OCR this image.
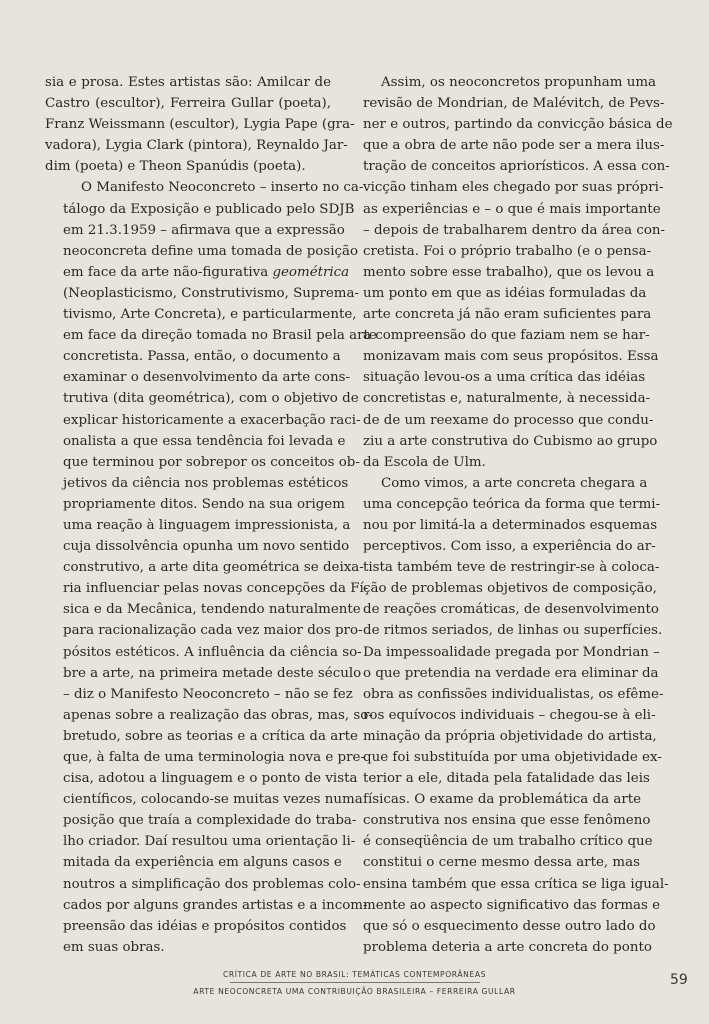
sia e prosa. Estes artistas são: Amilcar de
Castro (escultor), Ferreira Gullar (poeta),
Franz Weissmann (escultor), Lygia Pape (gra-
vadora), Lygia Clark (pintora), Reynaldo Jar-
dim (poeta) e Theon Spanúdis (poeta).

O Manifesto Neoconcreto – inserto no ca-
tálogo da Exposição e publicado pelo SDJB
em 21.3.1959 – afirmava que a expressão
neoconcreta define uma tomada de posição
em face da arte não-figurativa geométrica
(Neoplasticismo, Construtivismo, Suprema-
tivismo, Arte Concreta), e particularmente,
em face da direção tomada no Brasil pela arte
concretista. Passa, então, o documento a
examinar o desenvolvimento da arte cons-
trutiva (dita geométrica), com o objetivo de
explicar historicamente a exacerbação raci-
onalista a que essa tendência foi levada e
que terminou por sobrepor os conceitos ob-
jetivos da ciência nos problemas estéticos
propriamente ditos. Sendo na sua origem
uma reação à linguagem impressionista, a
cuja dissolvência opunha um novo sentido
construtivo, a arte dita geométrica se deixa-
ria influenciar pelas novas concepções da Fí-
sica e da Mecânica, tendendo naturalmente
para racionalização cada vez maior dos pro-
pósitos estéticos. A influência da ciência so-
bre a arte, na primeira metade deste século
– diz o Manifesto Neoconcreto – não se fez
apenas sobre a realização das obras, mas, so-
bretudo, sobre as teorias e a crítica da arte
que, à falta de uma terminologia nova e pre-
cisa, adotou a linguagem e o ponto de vista
científicos, colocando-se muitas vezes numa
posição que traía a complexidade do traba-
lho criador. Daí resultou uma orientação li-
mitada da experiência em alguns casos e
noutros a simplificação dos problemas colo-
cados por alguns grandes artistas e a incom-
preensão das idéias e propósitos contidos
em suas obras.

Assim, os neoconcretos propunham uma
revisão de Mondrian, de Malévitch, de Pevs-
ner e outros, partindo da convicção básica de
que a obra de arte não pode ser a mera ilus-
tração de conceitos apriorísticos. A essa con-
vicção tinham eles chegado por suas própri-
as experiências e – o que é mais importante
– depois de trabalharem dentro da área con-
cretista. Foi o próprio trabalho (e o pensa-
mento sobre esse trabalho), que os levou a
um ponto em que as idéias formuladas da
arte concreta já não eram suficientes para
a compreensão do que faziam nem se har-
monizavam mais com seus propósitos. Essa
situação levou-os a uma crítica das idéias
concretistas e, naturalmente, à necessida-
de de um reexame do processo que condu-
ziu a arte construtiva do Cubismo ao grupo
da Escola de Ulm.

Como vimos, a arte concreta chegara a
uma concepção teórica da forma que termi-
nou por limitá-la a determinados esquemas
perceptivos. Com isso, a experiência do ar-
tista também teve de restringir-se à coloca-
ção de problemas objetivos de composição,
de reações cromáticas, de desenvolvimento
de ritmos seriados, de linhas ou superfícies.
Da impessoalidade pregada por Mondrian –
o que pretendia na verdade era eliminar da
obra as confissões individualistas, os efême-
ros equívocos individuais – chegou-se à eli-
minação da própria objetividade do artista,
que foi substituída por uma objetividade ex-
terior a ele, ditada pela fatalidade das leis
físicas. O exame da problemática da arte
construtiva nos ensina que esse fenômeno
é conseqüência de um trabalho crítico que
constitui o cerne mesmo dessa arte, mas
ensina também que essa crítica se liga igual-
mente ao aspecto significativo das formas e
que só o esquecimento desse outro lado do
problema deteria a arte concreta do ponto

CRÍTICA DE ARTE NO BRASIL: TEMÁTICAS CONTEMPORÂNEAS
ARTE NEOCONCRETA UMA CONTRIBUIÇÃO BRASILEIRA – FERREIRA GULLAR
59
